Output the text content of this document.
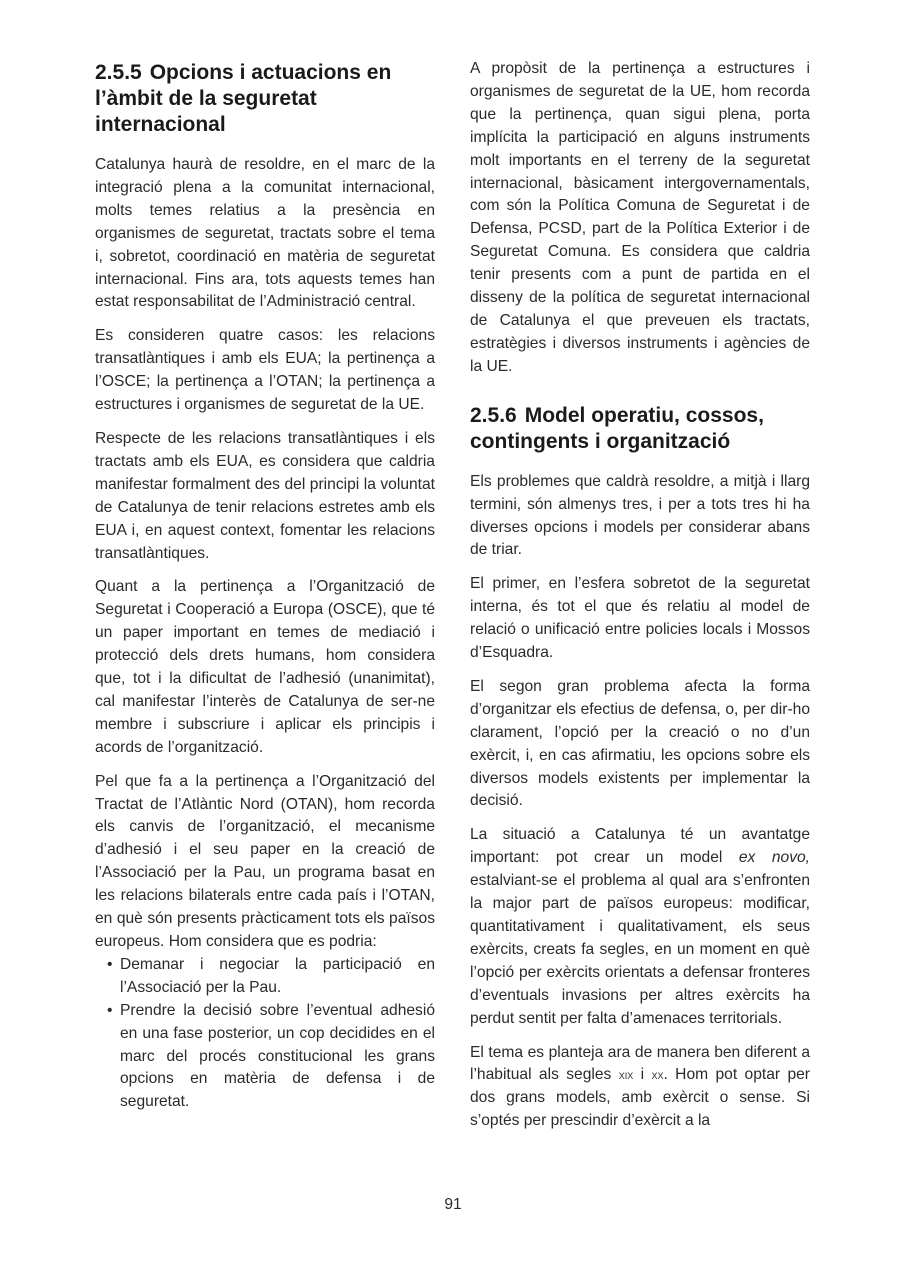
2.5.5 Opcions i actuacions en l’àmbit de la seguretat internacional

Catalunya haurà de resoldre, en el marc de la integració plena a la comunitat internacional, molts temes relatius a la presència en organismes de seguretat, tractats sobre el tema i, sobretot, coordinació en matèria de seguretat internacional. Fins ara, tots aquests temes han estat responsabilitat de l’Administració central.

Es consideren quatre casos: les relacions transatlàntiques i amb els EUA; la pertinença a l’OSCE; la pertinença a l’OTAN; la pertinença a estructures i organismes de seguretat de la UE.

Respecte de les relacions transatlàntiques i els tractats amb els EUA, es considera que caldria manifestar formalment des del principi la voluntat de Catalunya de tenir relacions estretes amb els EUA i, en aquest context, fomentar les relacions transatlàntiques.

Quant a la pertinença a l’Organització de Seguretat i Cooperació a Europa (OSCE), que té un paper important en temes de mediació i protecció dels drets humans, hom considera que, tot i la dificultat de l’adhesió (unanimitat), cal manifestar l’interès de Catalunya de ser-ne membre i subscriure i aplicar els principis i acords de l’organització.

Pel que fa a la pertinença a l’Organització del Tractat de l’Atlàntic Nord (OTAN), hom recorda els canvis de l’organització, el mecanisme d’adhesió i el seu paper en la creació de l’Associació per la Pau, un programa basat en les relacions bilaterals entre cada país i l’OTAN, en què són presents pràcticament tots els països europeus. Hom considera que es podria:

• Demanar i negociar la participació en l’Associació per la Pau.
• Prendre la decisió sobre l’eventual adhesió en una fase posterior, un cop decidides en el marc del procés constitucional les grans opcions en matèria de defensa i de seguretat.

A propòsit de la pertinença a estructures i organismes de seguretat de la UE, hom recorda que la pertinença, quan sigui plena, porta implícita la participació en alguns instruments molt importants en el terreny de la seguretat internacional, bàsicament intergovernamentals, com són la Política Comuna de Seguretat i de Defensa, PCSD, part de la Política Exterior i de Seguretat Comuna. Es considera que caldria tenir presents com a punt de partida en el disseny de la política de seguretat internacional de Catalunya el que preveuen els tractats, estratègies i diversos instruments i agències de la UE.

2.5.6 Model operatiu, cossos, contingents i organització

Els problemes que caldrà resoldre, a mitjà i llarg termini, són almenys tres, i per a tots tres hi ha diverses opcions i models per considerar abans de triar.

El primer, en l’esfera sobretot de la seguretat interna, és tot el que és relatiu al model de relació o unificació entre policies locals i Mossos d’Esquadra.

El segon gran problema afecta la forma d’organitzar els efectius de defensa, o, per dir-ho clarament, l’opció per la creació o no d’un exèrcit, i, en cas afirmatiu, les opcions sobre els diversos models existents per implementar la decisió.

La situació a Catalunya té un avantatge important: pot crear un model ex novo, estalviant-se el problema al qual ara s’enfronten la major part de països europeus: modificar, quantitativament i qualitativament, els seus exèrcits, creats fa segles, en un moment en què l’opció per exèrcits orientats a defensar fronteres d’eventuals invasions per altres exèrcits ha perdut sentit per falta d’amenaces territorials.

El tema es planteja ara de manera ben diferent a l’habitual als segles xix i xx. Hom pot optar per dos grans models, amb exèrcit o sense. Si s’optés per prescindir d’exèrcit a la

91
